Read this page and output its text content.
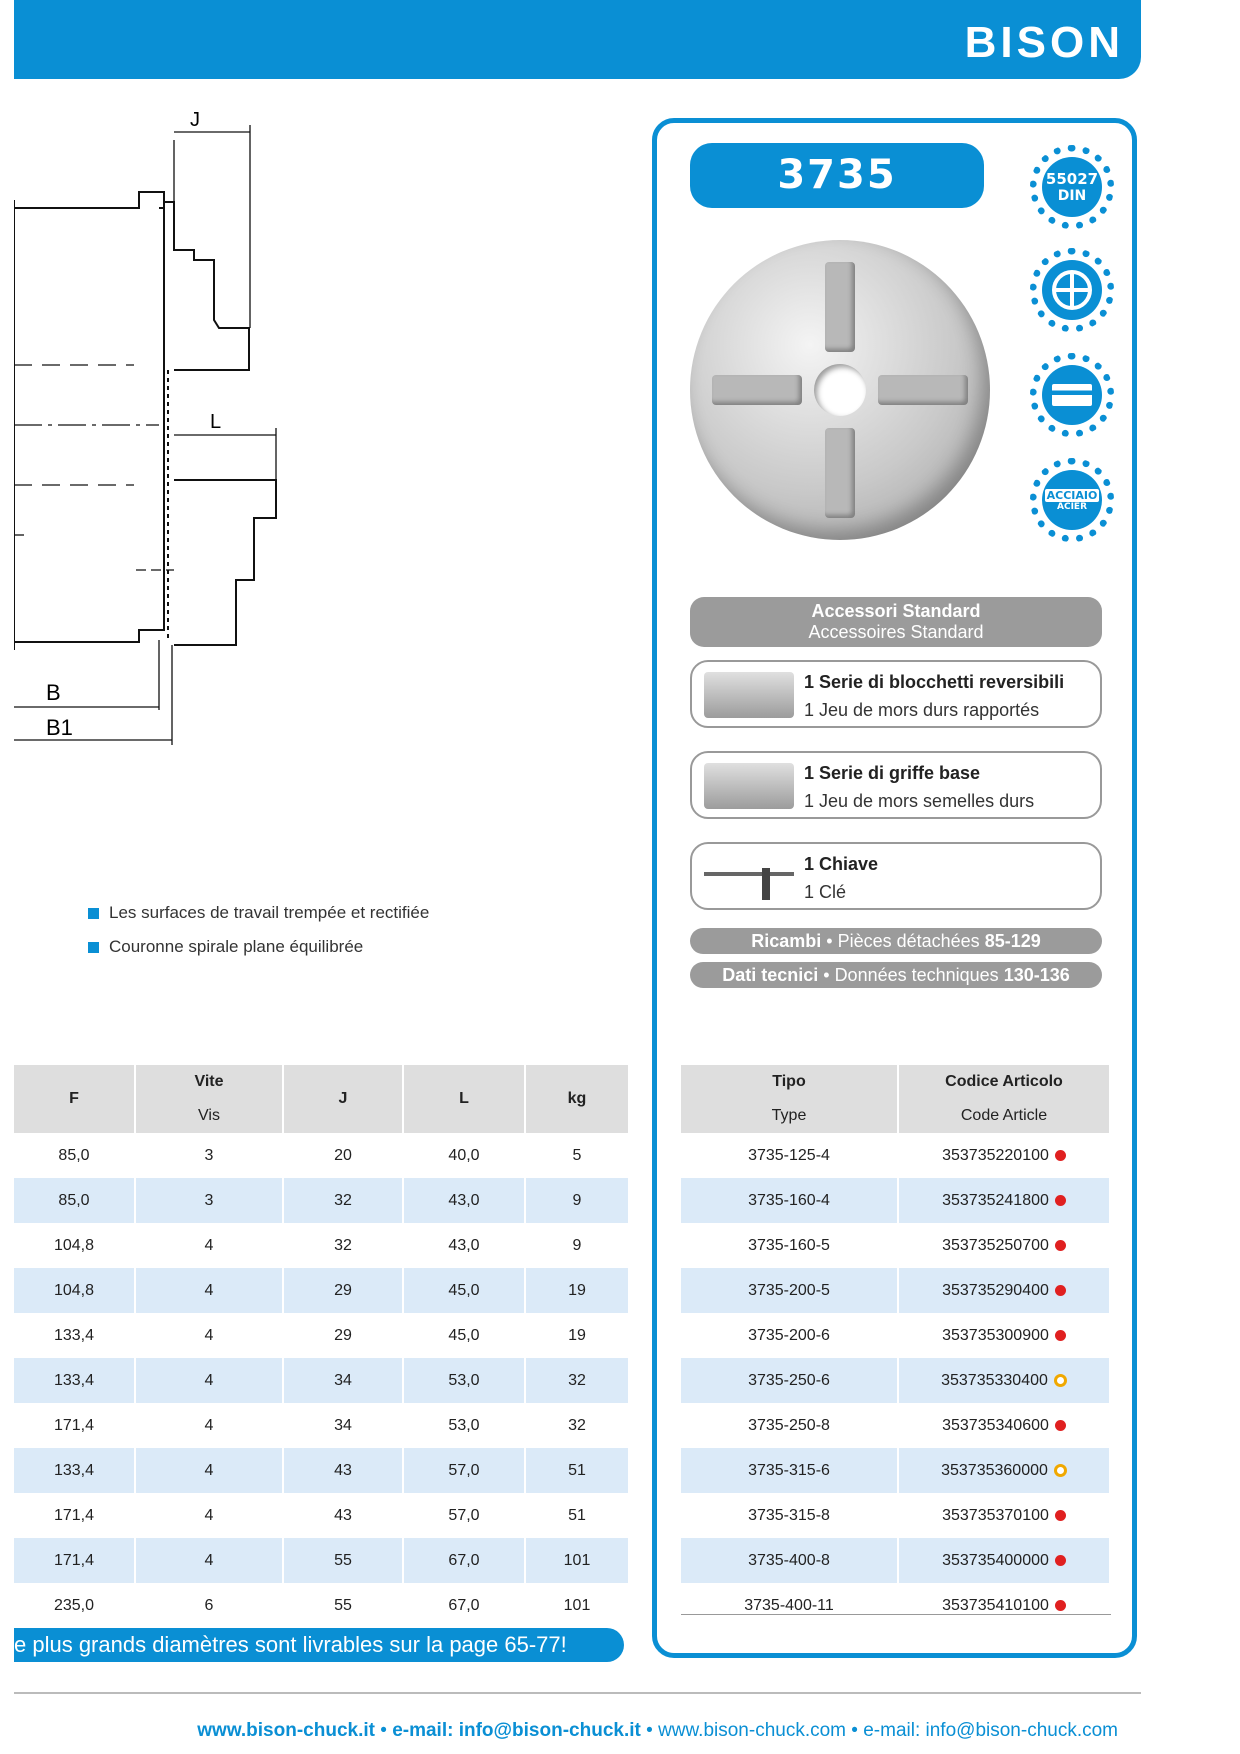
BISON
J
L
B
B1
Les surfaces de travail trempée et rectifiée
Couronne spirale plane équilibrée
3735	55027
DIN
ACCIAIO
ACIER
Accessori Standard
Accessoires Standard
1 Serie di blocchetti reversibili
1 Jeu de mors durs rapportés
1 Serie di griffe base
1 Jeu de mors semelles durs
1 Chiave
1 Clé
Ricambi • Pièces détachées 85-129
Dati tecnici • Données techniques 130-136
F	Vite	J	L	kg
	Vis			
85,0	3	20	40,0	5
85,0	3	32	43,0	9
104,8	4	32	43,0	9
104,8	4	29	45,0	19
133,4	4	29	45,0	19
133,4	4	34	53,0	32
171,4	4	34	53,0	32
133,4	4	43	57,0	51
171,4	4	43	57,0	51
171,4	4	55	67,0	101
235,0	6	55	67,0	101
Tipo	Codice Articolo
Type	Code Article
3735-125-4	353735220100
3735-160-4	353735241800
3735-160-5	353735250700
3735-200-5	353735290400
3735-200-6	353735300900
3735-250-6	353735330400
3735-250-8	353735340600
3735-315-6	353735360000
3735-315-8	353735370100
3735-400-8	353735400000
3735-400-11	353735410100
e plus grands diamètres sont livrables sur la page 65-77!
www.bison-chuck.it • e-mail: info@bison-chuck.it • www.bison-chuck.com • e-mail: info@bison-chuck.com
